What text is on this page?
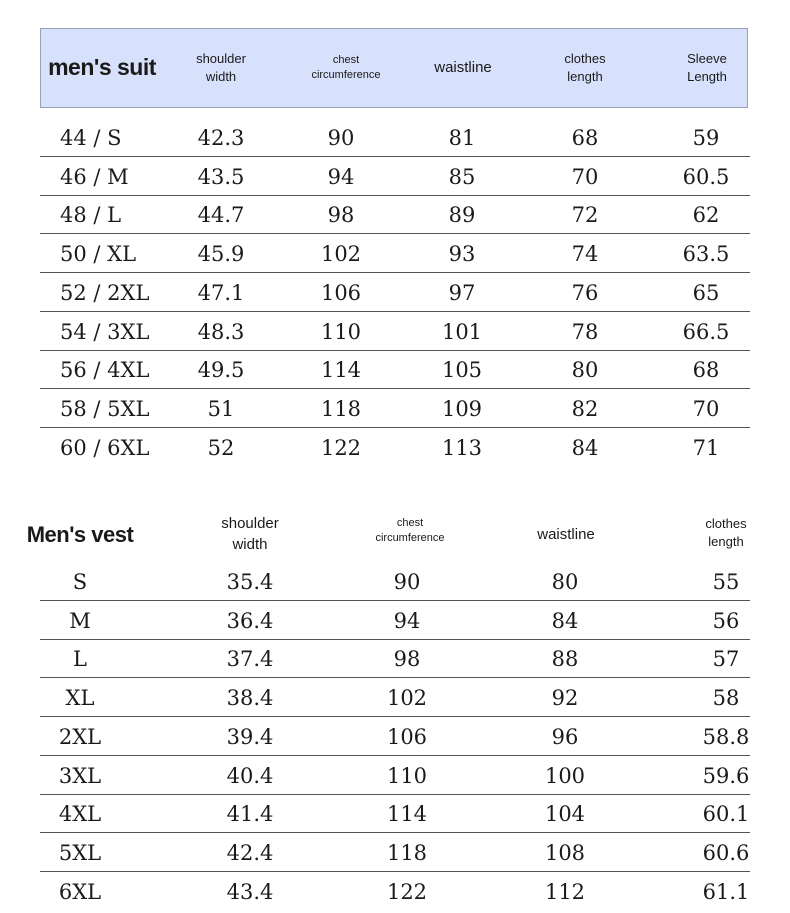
men's suit	shoulder
width
chest
circumference	waistline	clothes
length
Sleeve
Length
44 / S	42.3	90	81	68	59
46 / M	43.5	94	85	70	60.5
48 / L	44.7	98	89	72	62
50 / XL	45.9	102	93	74	63.5
52 / 2XL 47.1	106	97	76	65
54 / 3XL 48.3	110	101	78	66.5
56 / 4XL 49.5	114	105	80	68
58 / 5XL	51	118	109	82	70
60 / 6XL	52	122	113	84	71
Men's vest	shoulder
width
chest
circumference	waistline
clothes
length
S	35.4	90	80	55
M	36.4	94	84	56
L	37.4	98	88	57
XL	38.4	102	92	58
2XL	39.4	106	96	58.8
3XL	40.4	110	100	59.6
4XL	41.4	114	104	60.1
5XL	42.4	118	108	60.6
6XL	43.4	122	112	61.1
